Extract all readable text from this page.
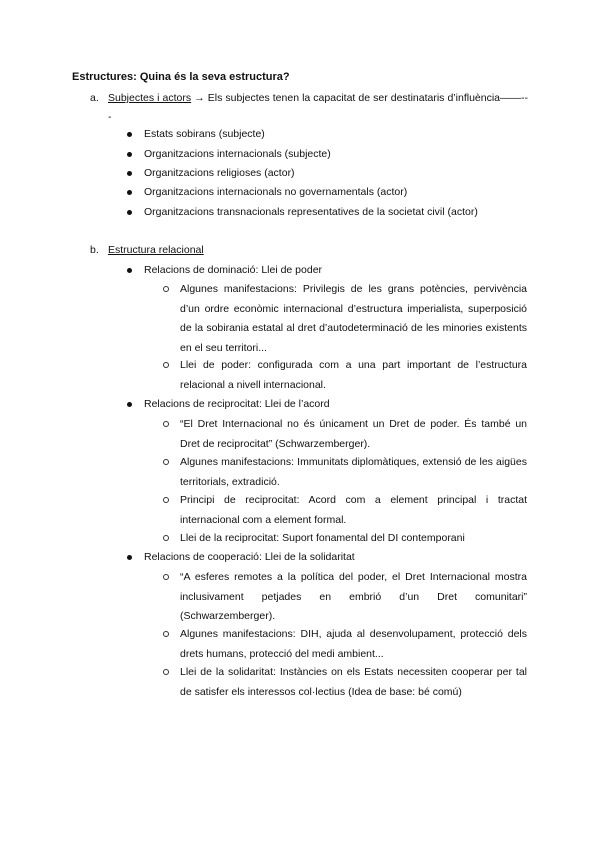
Estructures: Quina és la seva estructura?
a. Subjectes i actors → Els subjectes tenen la capacitat de ser destinataris d’influència——---
Estats sobirans (subjecte)
Organitzacions internacionals (subjecte)
Organitzacions religioses (actor)
Organitzacions internacionals no governamentals (actor)
Organitzacions transnacionals representatives de la societat civil (actor)
b. Estructura relacional
Relacions de dominació: Llei de poder
Algunes manifestacions: Privilegis de les grans potències, pervivència d’un ordre econòmic internacional d’estructura imperialista, superposició de la sobirania estatal al dret d’autodeterminació de les minories existents en el seu territori...
Llei de poder: configurada com a una part important de l’estructura relacional a nivell internacional.
Relacions de reciprocitat: Llei de l’acord
“El Dret Internacional no és únicament un Dret de poder. És també un Dret de reciprocitat” (Schwarzemberger).
Algunes manifestacions: Immunitats diplomàtiques, extensió de les aigües territorials, extradició.
Principi de reciprocitat: Acord com a element principal i tractat internacional com a element formal.
Llei de la reciprocitat: Suport fonamental del DI contemporani
Relacions de cooperació: Llei de la solidaritat
“A esferes remotes a la política del poder, el Dret Internacional mostra inclusivament petjades en embrió d’un Dret comunitari” (Schwarzemberger).
Algunes manifestacions: DIH, ajuda al desenvolupament, protecció dels drets humans, protecció del medi ambient...
Llei de la solidaritat: Instàncies on els Estats necessiten cooperar per tal de satisfer els interessos col·lectius (Idea de base: bé comú)
